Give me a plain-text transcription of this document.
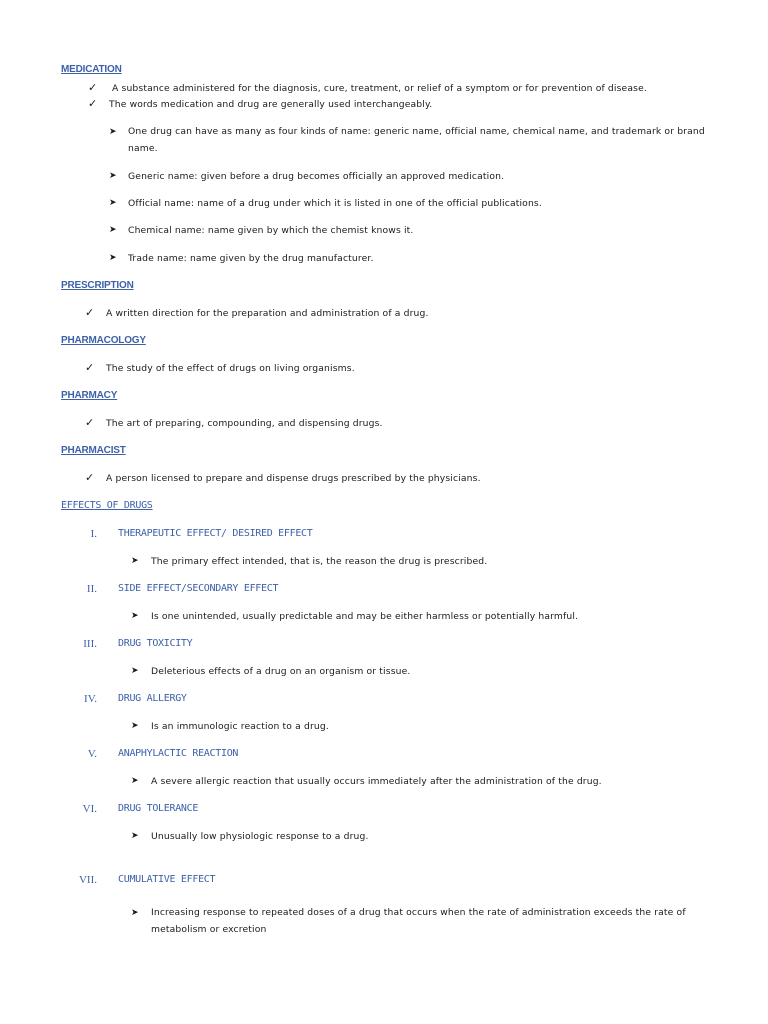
MEDICATION
✓ A substance administered for the diagnosis, cure, treatment, or relief of a symptom or for prevention of disease.
✓ The words medication and drug are generally used interchangeably.
➤ One drug can have as many as four kinds of name: generic name, official name, chemical name, and trademark or brand name.
➤ Generic name: given before a drug becomes officially an approved medication.
➤ Official name: name of a drug under which it is listed in one of the official publications.
➤ Chemical name: name given by which the chemist knows it.
➤ Trade name: name given by the drug manufacturer.
PRESCRIPTION
✓ A written direction for the preparation and administration of a drug.
PHARMACOLOGY
✓ The study of the effect of drugs on living organisms.
PHARMACY
✓ The art of preparing, compounding, and dispensing drugs.
PHARMACIST
✓ A person licensed to prepare and dispense drugs prescribed by the physicians.
EFFECTS OF DRUGS
I. THERAPEUTIC EFFECT/ DESIRED EFFECT
➤ The primary effect intended, that is, the reason the drug is prescribed.
II. SIDE EFFECT/SECONDARY EFFECT
➤ Is one unintended, usually predictable and may be either harmless or potentially harmful.
III. DRUG TOXICITY
➤ Deleterious effects of a drug on an organism or tissue.
IV. DRUG ALLERGY
➤ Is an immunologic reaction to a drug.
V. ANAPHYLACTIC REACTION
➤ A severe allergic reaction that usually occurs immediately after the administration of the drug.
VI. DRUG TOLERANCE
➤ Unusually low physiologic response to a drug.
VII. CUMULATIVE EFFECT
➤ Increasing response to repeated doses of a drug that occurs when the rate of administration exceeds the rate of metabolism or excretion
